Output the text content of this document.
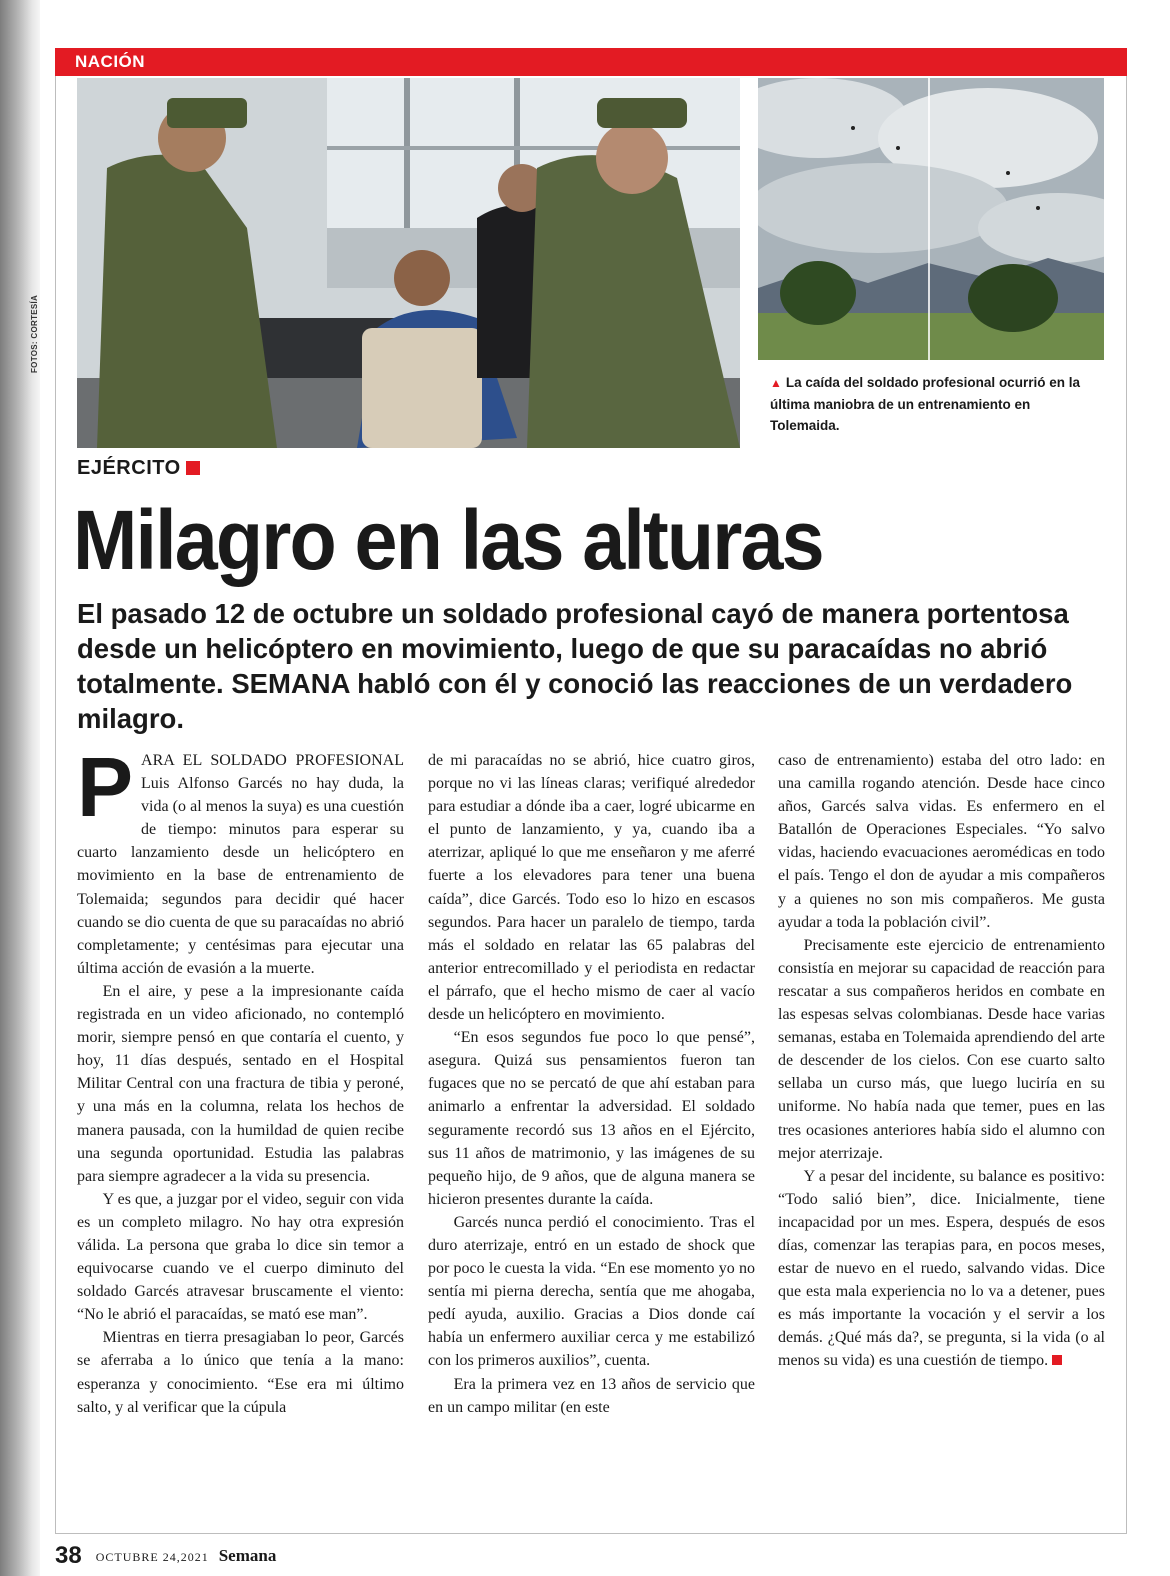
NACIÓN
FOTOS: CORTESÍA
▲ La caída del soldado profesional ocurrió en la última maniobra de un entrenamiento en Tolemaida.
EJÉRCITO
Milagro en las alturas
El pasado 12 de octubre un soldado profesional cayó de manera portentosa desde un helicóptero en movimiento, luego de que su paracaídas no abrió totalmente. SEMANA habló con él y conoció las reacciones de un verdadero milagro.

PARA EL SOLDADO PROFESIONAL Luis Alfonso Garcés no hay duda, la vida (o al menos la suya) es una cuestión de tiempo: minutos para esperar su cuarto lanzamiento desde un helicóptero en movimiento en la base de entrenamiento de Tolemaida; segundos para decidir qué hacer cuando se dio cuenta de que su paracaídas no abrió completamente; y centésimas para ejecutar una última acción de evasión a la muerte.

En el aire, y pese a la impresionante caída registrada en un video aficionado, no contempló morir, siempre pensó en que contaría el cuento, y hoy, 11 días después, sentado en el Hospital Militar Central con una fractura de tibia y peroné, y una más en la columna, relata los hechos de manera pausada, con la humildad de quien recibe una segunda oportunidad. Estudia las palabras para siempre agradecer a la vida su presencia.

Y es que, a juzgar por el video, seguir con vida es un completo milagro. No hay otra expresión válida. La persona que graba lo dice sin temor a equivocarse cuando ve el cuerpo diminuto del soldado Garcés atravesar bruscamente el viento: “No le abrió el paracaídas, se mató ese man”.

Mientras en tierra presagiaban lo peor, Garcés se aferraba a lo único que tenía a la mano: esperanza y conocimiento. “Ese era mi último salto, y al verificar que la cúpula

de mi paracaídas no se abrió, hice cuatro giros, porque no vi las líneas claras; verifiqué alrededor para estudiar a dónde iba a caer, logré ubicarme en el punto de lanzamiento, y ya, cuando iba a aterrizar, apliqué lo que me enseñaron y me aferré fuerte a los elevadores para tener una buena caída”, dice Garcés. Todo eso lo hizo en escasos segundos. Para hacer un paralelo de tiempo, tarda más el soldado en relatar las 65 palabras del anterior entrecomillado y el periodista en redactar el párrafo, que el hecho mismo de caer al vacío desde un helicóptero en movimiento.

“En esos segundos fue poco lo que pensé”, asegura. Quizá sus pensamientos fueron tan fugaces que no se percató de que ahí estaban para animarlo a enfrentar la adversidad. El soldado seguramente recordó sus 13 años en el Ejército, sus 11 años de matrimonio, y las imágenes de su pequeño hijo, de 9 años, que de alguna manera se hicieron presentes durante la caída.

Garcés nunca perdió el conocimiento. Tras el duro aterrizaje, entró en un estado de shock que por poco le cuesta la vida. “En ese momento yo no sentía mi pierna derecha, sentía que me ahogaba, pedí ayuda, auxilio. Gracias a Dios donde caí había un enfermero auxiliar cerca y me estabilizó con los primeros auxilios”, cuenta.

Era la primera vez en 13 años de servicio que en un campo militar (en este

caso de entrenamiento) estaba del otro lado: en una camilla rogando atención. Desde hace cinco años, Garcés salva vidas. Es enfermero en el Batallón de Operaciones Especiales. “Yo salvo vidas, haciendo evacuaciones aeromédicas en todo el país. Tengo el don de ayudar a mis compañeros y a quienes no son mis compañeros. Me gusta ayudar a toda la población civil”.

Precisamente este ejercicio de entrenamiento consistía en mejorar su capacidad de reacción para rescatar a sus compañeros heridos en combate en las espesas selvas colombianas. Desde hace varias semanas, estaba en Tolemaida aprendiendo del arte de descender de los cielos. Con ese cuarto salto sellaba un curso más, que luego luciría en su uniforme. No había nada que temer, pues en las tres ocasiones anteriores había sido el alumno con mejor aterrizaje.

Y a pesar del incidente, su balance es positivo: “Todo salió bien”, dice. Inicialmente, tiene incapacidad por un mes. Espera, después de esos días, comenzar las terapias para, en pocos meses, estar de nuevo en el ruedo, salvando vidas. Dice que esta mala experiencia no lo va a detener, pues es más importante la vocación y el servir a los demás. ¿Qué más da?, se pregunta, si la vida (o al menos su vida) es una cuestión de tiempo.

38 OCTUBRE 24,2021 Semana
